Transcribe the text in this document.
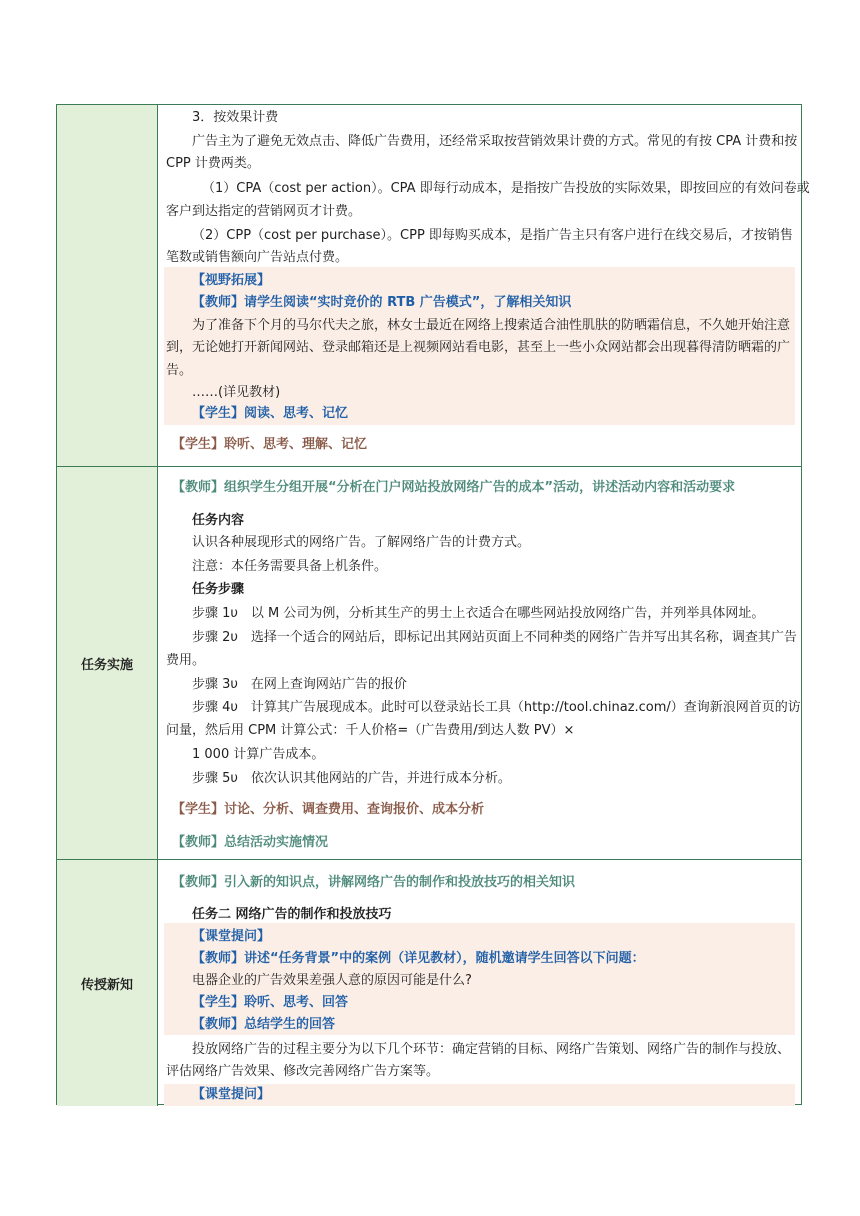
3．按效果计费
广告主为了避免无效点击、降低广告费用，还经常采取按营销效果计费的方式。常见的有按 CPA 计费和按
CPP 计费两类。
（1）CPA（cost per action）。CPA 即每行动成本，是指按广告投放的实际效果，即按回应的有效问卷或
客户到达指定的营销网页才计费。
（2）CPP（cost per purchase）。CPP 即每购买成本，是指广告主只有客户进行在线交易后，才按销售
笔数或销售额向广告站点付费。
【视野拓展】
【教师】请学生阅读“实时竞价的 RTB 广告模式”，了解相关知识
为了准备下个月的马尔代夫之旅，林女士最近在网络上搜索适合油性肌肤的防晒霜信息，不久她开始注意
到，无论她打开新闻网站、登录邮箱还是上视频网站看电影，甚至上一些小众网站都会出现暮得清防晒霜的广
告。
……(详见教材)
【学生】阅读、思考、记忆
【学生】聆听、思考、理解、记忆
任务实施
【教师】组织学生分组开展“分析在门户网站投放网络广告的成本”活动，讲述活动内容和活动要求
任务内容
认识各种展现形式的网络广告。了解网络广告的计费方式。
注意：本任务需要具备上机条件。
任务步骤
步骤 1υ　以 M 公司为例，分析其生产的男士上衣适合在哪些网站投放网络广告，并列举具体网址。
步骤 2υ　选择一个适合的网站后，即标记出其网站页面上不同种类的网络广告并写出其名称，调查其广告
费用。
步骤 3υ　在网上查询网站广告的报价
步骤 4υ　计算其广告展现成本。此时可以登录站长工具（http://tool.chinaz.com/）查询新浪网首页的访
问量，然后用 CPM 计算公式：千人价格=（广告费用/到达人数 PV）×
1 000 计算广告成本。
步骤 5υ　依次认识其他网站的广告，并进行成本分析。
【学生】讨论、分析、调查费用、查询报价、成本分析
【教师】总结活动实施情况
传授新知
【教师】引入新的知识点，讲解网络广告的制作和投放技巧的相关知识
任务二 网络广告的制作和投放技巧
【课堂提问】
【教师】讲述“任务背景”中的案例（详见教材），随机邀请学生回答以下问题：
电器企业的广告效果差强人意的原因可能是什么?
【学生】聆听、思考、回答
【教师】总结学生的回答
投放网络广告的过程主要分为以下几个环节：确定营销的目标、网络广告策划、网络广告的制作与投放、
评估网络广告效果、修改完善网络广告方案等。
【课堂提问】
